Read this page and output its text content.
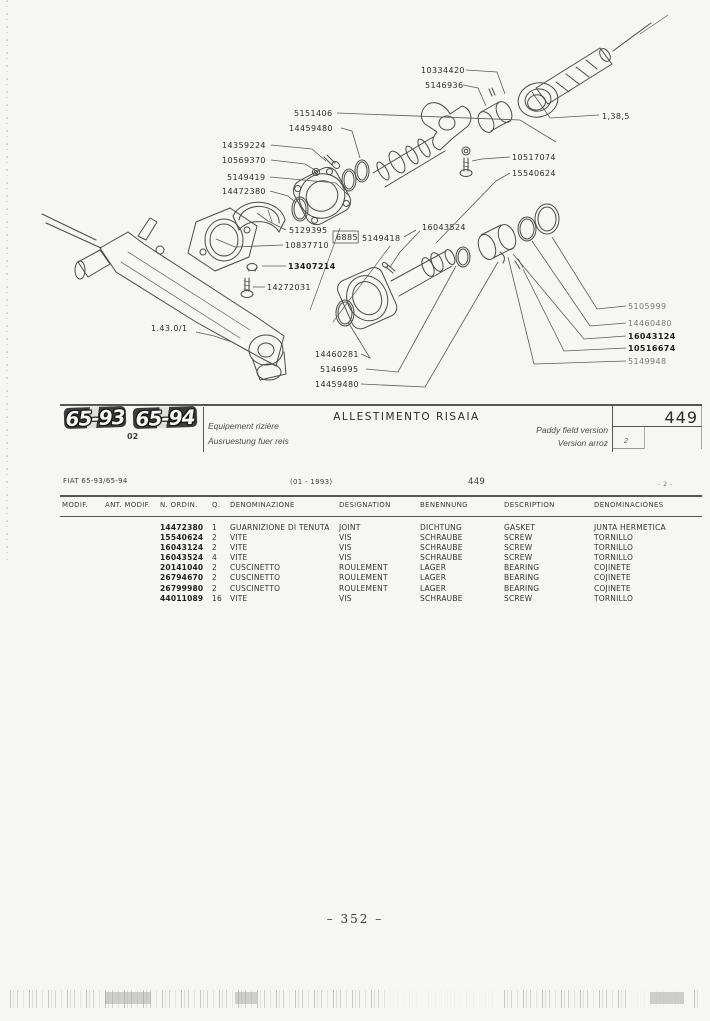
10334420
5146936
5151406
14459480
14359224
10569370
5149419
14472380
1,38,5
10517074
15540624
16043524
5129395
10837710
6885 5149418
13407214
14272031
1.43.0/1
14460281
5146995
14459480
5105999
14460480
16043124
10516674
5149948
65-93 65-94
02
Equipement rizière
Ausruestung fuer reis
ALLESTIMENTO RISAIA
Paddy field version
Version arroz
449
2
FIAT 65-93/65-94	(01 - 1993)	449	- 2 -
MODIF.	ANT. MODIF.	N. ORDIN.	Q.	DENOMINAZIONE	DESIGNATION	BENENNUNG	DESCRIPTION	DENOMINACIONES
14472380	1	GUARNIZIONE DI TENUTA	JOINT	DICHTUNG	GASKET	JUNTA HERMETICA
15540624	2	VITE	VIS	SCHRAUBE	SCREW	TORNILLO
16043124	2	VITE	VIS	SCHRAUBE	SCREW	TORNILLO
16043524	4	VITE	VIS	SCHRAUBE	SCREW	TORNILLO
20141040	2	CUSCINETTO	ROULEMENT	LAGER	BEARING	COJINETE
26794670	2	CUSCINETTO	ROULEMENT	LAGER	BEARING	COJINETE
26799980	2	CUSCINETTO	ROULEMENT	LAGER	BEARING	COJINETE
44011089	16	VITE	VIS	SCHRAUBE	SCREW	TORNILLO
– 352 –
